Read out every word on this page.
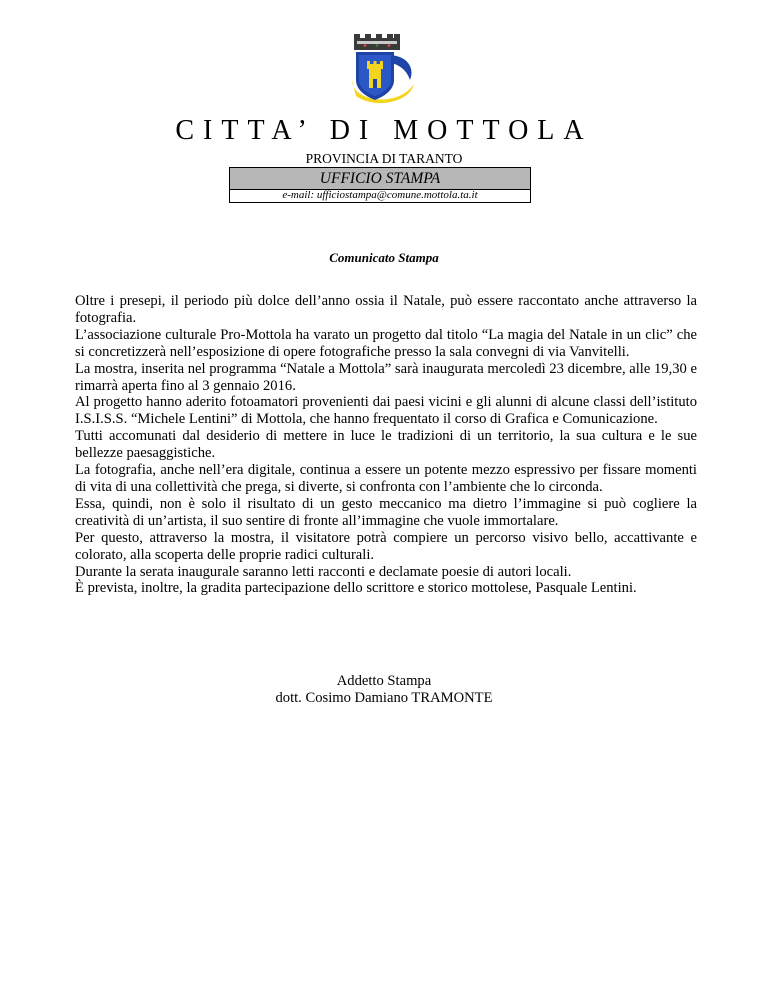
CITTA’ DI MOTTOLA
PROVINCIA DI TARANTO
UFFICIO STAMPA
e-mail: ufficiostampa@comune.mottola.ta.it
Comunicato Stampa

Oltre i presepi, il periodo più dolce dell’anno ossia il Natale, può essere raccontato anche attraverso la fotografia.

L’associazione culturale Pro-Mottola ha varato un progetto dal titolo “La magia del Natale in un clic” che si concretizzerà nell’esposizione di opere fotografiche presso la sala convegni di via Vanvitelli.

La mostra, inserita nel programma “Natale a Mottola” sarà inaugurata mercoledì 23 dicembre, alle 19,30 e rimarrà aperta fino al 3 gennaio 2016.

Al progetto hanno aderito fotoamatori provenienti dai paesi vicini e gli alunni di alcune classi dell’istituto I.S.I.S.S. “Michele Lentini” di Mottola, che hanno frequentato il corso di Grafica e Comunicazione.

Tutti accomunati dal desiderio di mettere in luce le tradizioni di un territorio, la sua cultura e le sue bellezze paesaggistiche.

La fotografia, anche nell’era digitale, continua a essere un potente mezzo espressivo per fissare momenti di vita di una collettività che prega, si diverte, si confronta con l’ambiente che lo circonda.

Essa, quindi, non è solo il risultato di un gesto meccanico ma dietro l’immagine si può cogliere la creatività di un’artista, il suo sentire di fronte all’immagine che vuole immortalare.

Per questo, attraverso la mostra, il visitatore potrà compiere un percorso visivo bello, accattivante e colorato, alla scoperta delle proprie radici culturali.

Durante la serata inaugurale saranno letti racconti e declamate poesie di autori locali.

È prevista, inoltre, la gradita partecipazione dello scrittore e storico mottolese, Pasquale Lentini.

Addetto Stampa
dott. Cosimo Damiano TRAMONTE
